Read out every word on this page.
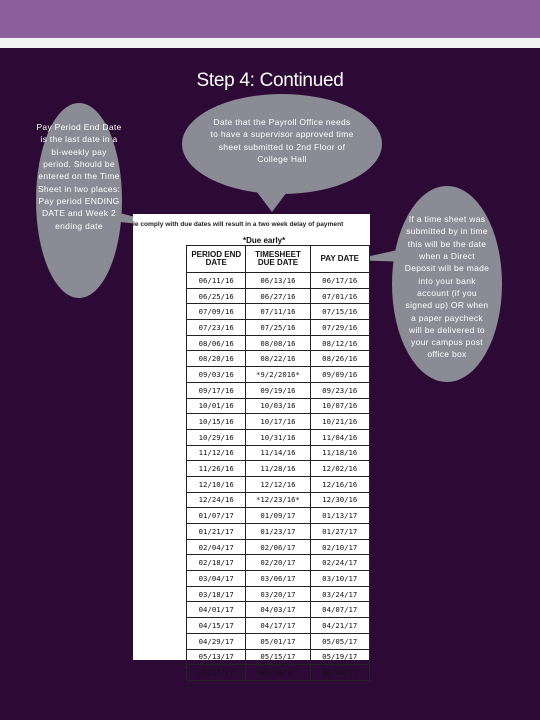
Step 4: Continued
Pay Period End Date is the last date in a bi-weekly pay period. Should be entered on the Time Sheet in two places: Pay period ENDING DATE and Week 2 ending date
Date that the Payroll Office needs to have a supervisor approved time sheet submitted to 2nd Floor of College Hall
If a time sheet was submitted by in time this will be the date when a Direct Deposit will be made into your bank account (if you signed up) OR when a paper paycheck will be delivered to your campus post office box
le comply with due dates will result in a two week delay of payment
*Due early*
PERIOD END DATE	TIMESHEET DUE DATE	PAY DATE
06/11/16	06/13/16	06/17/16
06/25/16	06/27/16	07/01/16
07/09/16	07/11/16	07/15/16
07/23/16	07/25/16	07/29/16
08/06/16	08/08/16	08/12/16
08/20/16	08/22/16	08/26/16
09/03/16	*9/2/2016*	09/09/16
09/17/16	09/19/16	09/23/16
10/01/16	10/03/16	10/07/16
10/15/16	10/17/16	10/21/16
10/29/16	10/31/16	11/04/16
11/12/16	11/14/16	11/18/16
11/26/16	11/28/16	12/02/16
12/10/16	12/12/16	12/16/16
12/24/16	*12/23/16*	12/30/16
01/07/17	01/09/17	01/13/17
01/21/17	01/23/17	01/27/17
02/04/17	02/06/17	02/10/17
02/18/17	02/20/17	02/24/17
03/04/17	03/06/17	03/10/17
03/18/17	03/20/17	03/24/17
04/01/17	04/03/17	04/07/17
04/15/17	04/17/17	04/21/17
04/29/17	05/01/17	05/05/17
05/13/17	05/15/17	05/19/17
05/27/17	*05/26/17*	06/02/17
